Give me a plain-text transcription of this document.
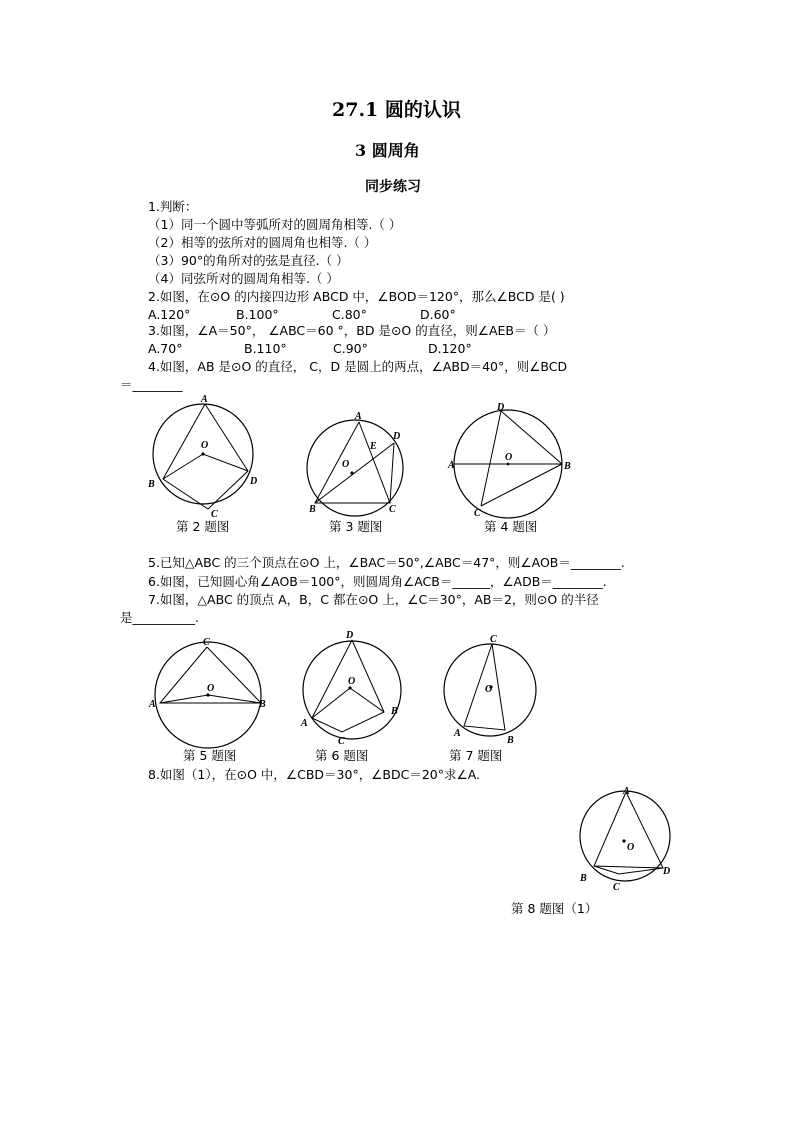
27.1 圆的认识
3 圆周角
同步练习
1.判断：
（1）同一个圆中等弧所对的圆周角相等.（ ）
（2）相等的弦所对的圆周角也相等.（ ）
（3）90°的角所对的弦是直径.（ ）
（4）同弦所对的圆周角相等.（ ）
2.如图，在⊙O 的内接四边形 ABCD 中，∠BOD＝120°，那么∠BCD 是( )
A.120°	B.100°	C.80°	D.60°
3.如图，∠A＝50°， ∠ABC＝60 °，BD 是⊙O 的直径，则∠AEB＝（ ）
A.70°	B.110°	C.90°	D.120°
4.如图，AB 是⊙O 的直径， C，D 是圆上的两点，∠ABD＝40°，则∠BCD
＝________
A
B
C
D
O
第 2 题图
A
B	C
D
E
O
第 3 题图
D
A	B
C
O
第 4 题图
5.已知△ABC 的三个顶点在⊙O 上，∠BAC＝50°,∠ABC＝47°，则∠AOB＝________.
6.如图，已知圆心角∠AOB＝100°，则圆周角∠ACB＝______，∠ADB＝________.
7.如图，△ABC 的顶点 A，B，C 都在⊙O 上，∠C＝30°，AB＝2，则⊙O 的半径
是__________.
C
A	B
O
第 5 题图
D
A
C
B
O
第 6 题图
C
A
B
O
第 7 题图
8.如图（1），在⊙O 中，∠CBD＝30°，∠BDC＝20°求∠A.
A
B
C
D
O
第 8 题图（1）
